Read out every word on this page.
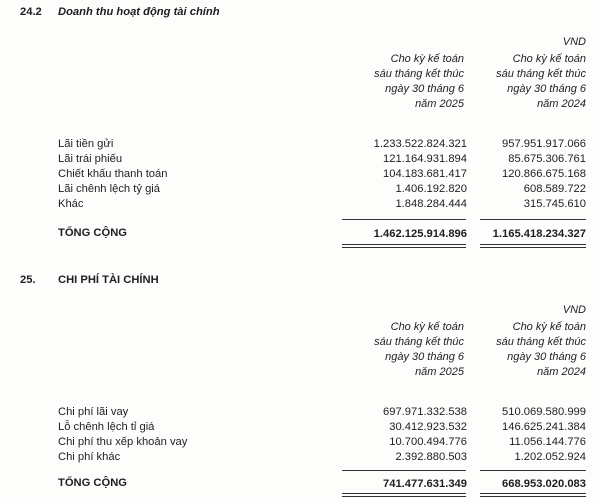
24.2 Doanh thu hoạt động tài chính
VND
Cho kỳ kế toán
sáu tháng kết thúc
ngày 30 tháng 6
năm 2025
Cho kỳ kế toán
sáu tháng kết thúc
ngày 30 tháng 6
năm 2024
Lãi tiền gửi	1.233.522.824.321	957.951.917.066
Lãi trái phiếu	121.164.931.894	85.675.306.761
Chiết khấu thanh toán	104.183.681.417	120.866.675.168
Lãi chênh lệch tỷ giá	1.406.192.820	608.589.722
Khác	1.848.284.444	315.745.610
TỔNG CỘNG	1.462.125.914.896	1.165.418.234.327
25. CHI PHÍ TÀI CHÍNH
VND
Cho kỳ kế toán
sáu tháng kết thúc
ngày 30 tháng 6
năm 2025
Cho kỳ kế toán
sáu tháng kết thúc
ngày 30 tháng 6
năm 2024
Chi phí lãi vay	697.971.332.538	510.069.580.999
Lỗ chênh lệch tỉ giá	30.412.923.532	146.625.241.384
Chi phí thu xếp khoản vay	10.700.494.776	11.056.144.776
Chi phí khác	2.392.880.503	1.202.052.924
TỔNG CỘNG	741.477.631.349	668.953.020.083
